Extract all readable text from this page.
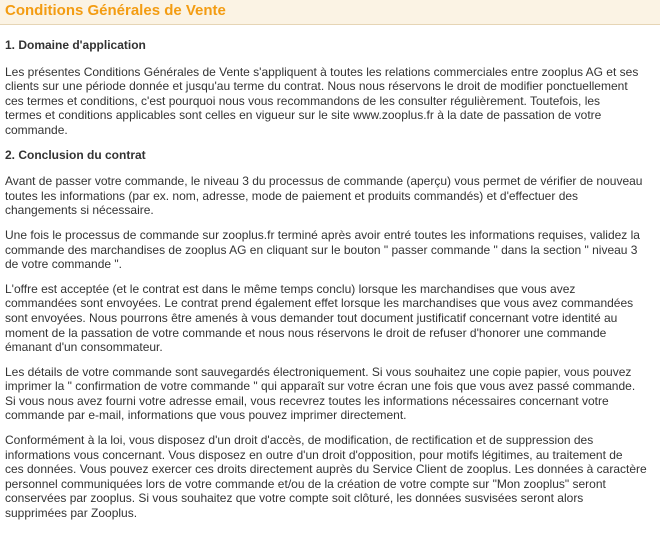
Conditions Générales de Vente
1. Domaine d'application

Les présentes Conditions Générales de Vente s'appliquent à toutes les relations commerciales entre zooplus AG et ses
clients sur une période donnée et jusqu'au terme du contrat. Nous nous réservons le droit de modifier ponctuellement
ces termes et conditions, c'est pourquoi nous vous recommandons de les consulter régulièrement. Toutefois, les
termes et conditions applicables sont celles en vigueur sur le site www.zooplus.fr à la date de passation de votre
commande.

2. Conclusion du contrat

Avant de passer votre commande, le niveau 3 du processus de commande (aperçu) vous permet de vérifier de nouveau
toutes les informations (par ex. nom, adresse, mode de paiement et produits commandés) et d'effectuer des
changements si nécessaire.

Une fois le processus de commande sur zooplus.fr terminé après avoir entré toutes les informations requises, validez la
commande des marchandises de zooplus AG en cliquant sur le bouton " passer commande " dans la section " niveau 3
de votre commande ".

L'offre est acceptée (et le contrat est dans le même temps conclu) lorsque les marchandises que vous avez
commandées sont envoyées. Le contrat prend également effet lorsque les marchandises que vous avez commandées
sont envoyées. Nous pourrons être amenés à vous demander tout document justificatif concernant votre identité au
moment de la passation de votre commande et nous nous réservons le droit de refuser d'honorer une commande
émanant d'un consommateur.

Les détails de votre commande sont sauvegardés électroniquement. Si vous souhaitez une copie papier, vous pouvez
imprimer la " confirmation de votre commande " qui apparaît sur votre écran une fois que vous avez passé commande.
Si vous nous avez fourni votre adresse email, vous recevrez toutes les informations nécessaires concernant votre
commande par e-mail, informations que vous pouvez imprimer directement.

Conformément à la loi, vous disposez d'un droit d'accès, de modification, de rectification et de suppression des
informations vous concernant. Vous disposez en outre d'un droit d'opposition, pour motifs légitimes, au traitement de
ces données. Vous pouvez exercer ces droits directement auprès du Service Client de zooplus. Les données à caractère
personnel communiquées lors de votre commande et/ou de la création de votre compte sur "Mon zooplus" seront
conservées par zooplus. Si vous souhaitez que votre compte soit clôturé, les données susvisées seront alors
supprimées par Zooplus.
